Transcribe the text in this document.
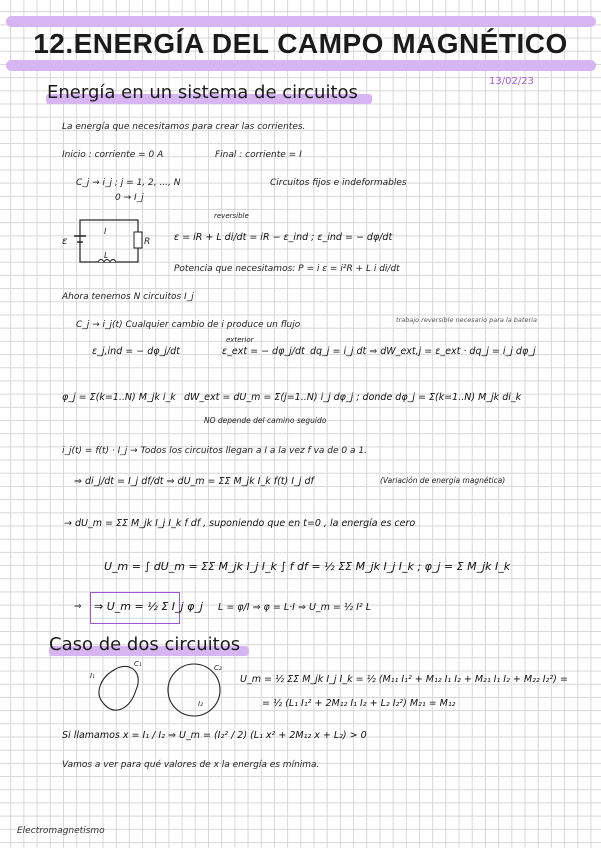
12.ENERGÍA DEL CAMPO MAGNÉTICO
13/02/23
Energía en un sistema de circuitos
La energía que necesitamos para crear las corrientes.
Inicio : corriente = 0 A	Final : corriente = I
C_j → i_j ; j = 1, 2, ..., N
0 → I_j
Circuitos fijos e indeformables
ε	R
L
I
reversible
ε = iR + L di/dt = iR − ε_ind ; ε_ind = − dφ/dt
Potencia que necesitamos: P = i ε = i²R + L i di/dt
Ahora tenemos N circuitos I_j
C_j → i_j(t) Cualquier cambio de i produce un flujo	trabajo reversible necesario para la bateria
exterior
ε_j,ind = − dφ_j/dt	ε_ext = − dφ_j/dt dq_j = i_j dt ⇒ dW_ext,j = ε_ext · dq_j = i_j dφ_j
φ_j = Σ(k=1..N) M_jk i_k dW_ext = dU_m = Σ(j=1..N) i_j dφ_j ; donde dφ_j = Σ(k=1..N) M_jk di_k
NO depende del camino seguido
i_j(t) = f(t) · I_j → Todos los circuitos llegan a I a la vez f va de 0 a 1.
⇒ di_j/dt = I_j df/dt ⇒ dU_m = ΣΣ M_jk I_k f(t) I_j df	(Variación de energía magnética)
→ dU_m = ΣΣ M_jk I_j I_k f df , suponiendo que en t=0 , la energía es cero
U_m = ∫ dU_m = ΣΣ M_jk I_j I_k ∫ f df = ½ ΣΣ M_jk I_j I_k ; φ_j = Σ M_jk I_k
⇒ ⇒ U_m = ½ Σ I_j φ_j L = φ/I ⇒ φ = L·I ⇒ U_m = ½ I² L
Caso de dos circuitos
I₁
C₁	C₂
I₂
U_m = ½ ΣΣ M_jk I_j I_k = ½ (M₁₁ I₁² + M₁₂ I₁ I₂ + M₂₁ I₁ I₂ + M₂₂ I₂²) =
= ½ (L₁ I₁² + 2M₁₂ I₁ I₂ + L₂ I₂²) M₂₁ = M₁₂
Si llamamos x = I₁ / I₂ ⇒ U_m = (I₂² / 2) (L₁ x² + 2M₁₂ x + L₂) > 0
Vamos a ver para qué valores de x la energía es mínima.
Electromagnetismo
